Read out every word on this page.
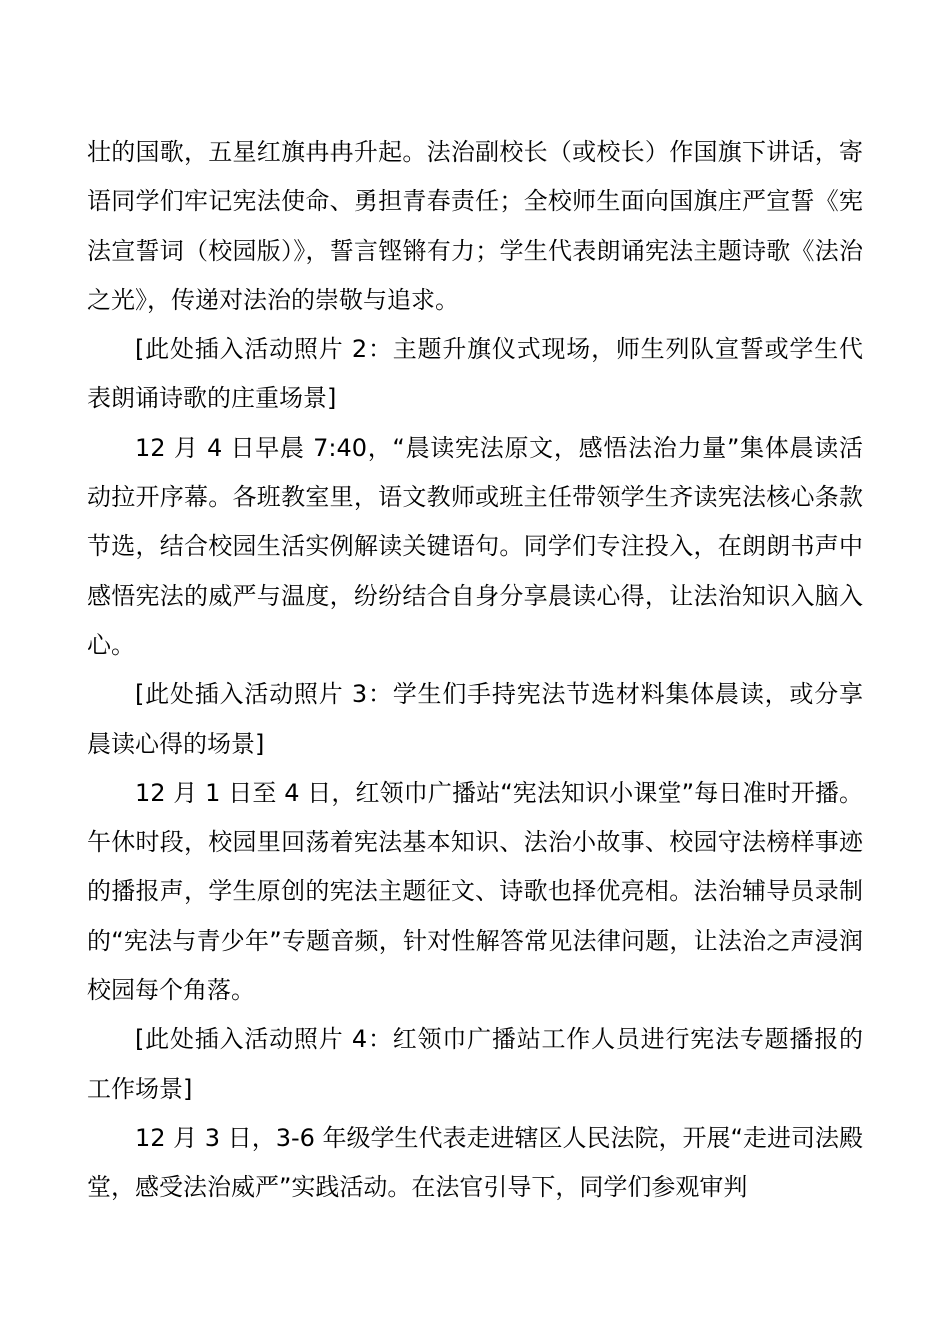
壮的国歌，五星红旗冉冉升起。法治副校长（或校长）作国旗下讲话，寄语同学们牢记宪法使命、勇担青春责任；全校师生面向国旗庄严宣誓《宪法宣誓词（校园版）》，誓言铿锵有力；学生代表朗诵宪法主题诗歌《法治之光》，传递对法治的崇敬与追求。

[此处插入活动照片 2：主题升旗仪式现场，师生列队宣誓或学生代表朗诵诗歌的庄重场景]

12 月 4 日早晨 7:40，“晨读宪法原文，感悟法治力量”集体晨读活动拉开序幕。各班教室里，语文教师或班主任带领学生齐读宪法核心条款节选，结合校园生活实例解读关键语句。同学们专注投入，在朗朗书声中感悟宪法的威严与温度，纷纷结合自身分享晨读心得，让法治知识入脑入心。

[此处插入活动照片 3：学生们手持宪法节选材料集体晨读，或分享晨读心得的场景]

12 月 1 日至 4 日，红领巾广播站“宪法知识小课堂”每日准时开播。午休时段，校园里回荡着宪法基本知识、法治小故事、校园守法榜样事迹的播报声，学生原创的宪法主题征文、诗歌也择优亮相。法治辅导员录制的“宪法与青少年”专题音频，针对性解答常见法律问题，让法治之声浸润校园每个角落。

[此处插入活动照片 4：红领巾广播站工作人员进行宪法专题播报的工作场景]

12 月 3 日，3-6 年级学生代表走进辖区人民法院，开展“走进司法殿堂，感受法治威严”实践活动。在法官引导下，同学们参观审判
